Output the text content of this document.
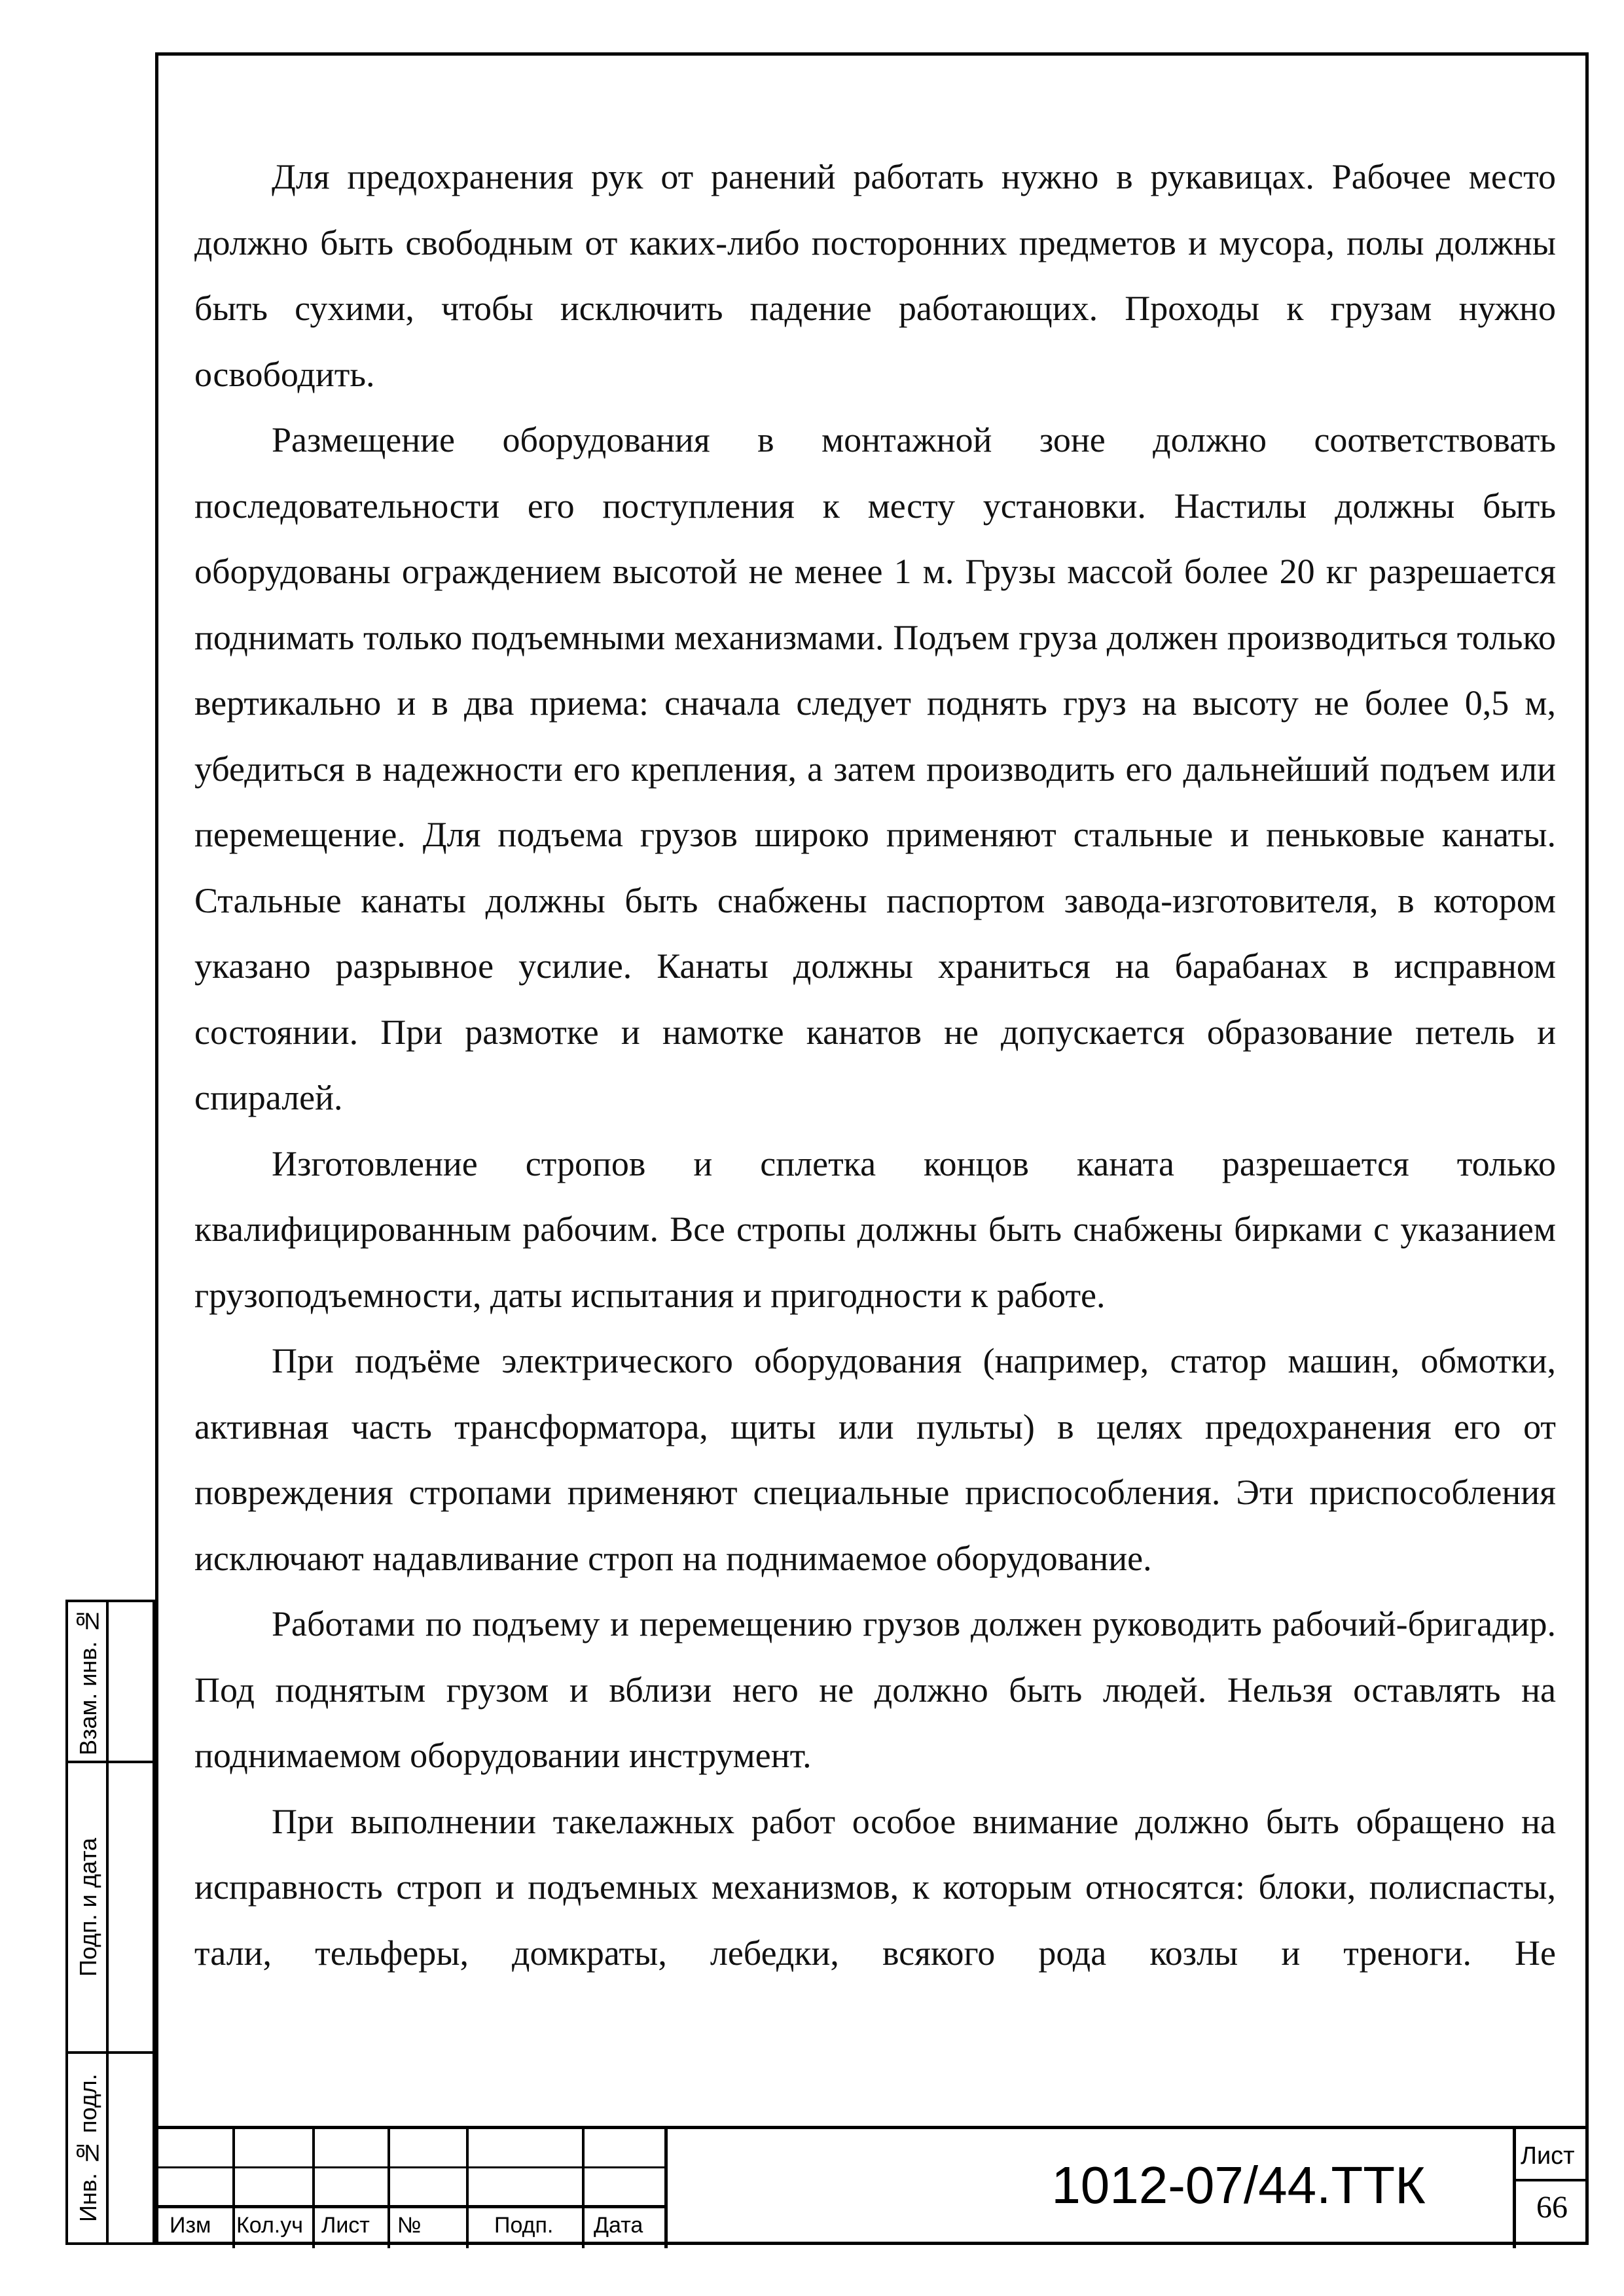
Для предохранения рук от ранений работать нужно в рукавицах. Рабочее место должно быть свободным от каких-либо посторонних предметов и мусора, полы должны быть сухими, чтобы исключить падение работающих. Проходы к грузам нужно освободить.

Размещение оборудования в монтажной зоне должно соответствовать последовательности его поступления к месту установки. Настилы должны быть оборудованы ограждением высотой не менее 1 м. Грузы массой более 20 кг разрешается поднимать только подъемными механизмами. Подъем груза должен производиться только вертикально и в два приема: сначала следует поднять груз на высоту не более 0,5 м, убедиться в надежности его крепления, а затем производить его дальнейший подъем или перемещение. Для подъема грузов широко применяют стальные и пеньковые канаты. Стальные канаты должны быть снабжены паспортом завода-изготовителя, в котором указано разрывное усилие. Канаты должны храниться на барабанах в исправном состоянии. При размотке и намотке канатов не допускается образование петель и спиралей.

Изготовление стропов и сплетка концов каната разрешается только квалифицированным рабочим. Все стропы должны быть снабжены бирками с указанием грузоподъемности, даты испытания и пригодности к работе.

При подъёме электрического оборудования (например, статор машин, обмотки, активная часть трансформатора, щиты или пульты) в целях предохранения его от повреждения стропами применяют специальные приспособления. Эти приспособления исключают надавливание строп на поднимаемое оборудование.

Работами по подъему и перемещению грузов должен руководить рабочий-бригадир. Под поднятым грузом и вблизи него не должно быть людей. Нельзя оставлять на поднимаемом оборудовании инструмент.

При выполнении такелажных работ особое внимание должно быть обращено на исправность строп и подъемных механизмов, к которым относятся: блоки, полиспасты, тали, тельферы, домкраты, лебедки, всякого рода козлы и треноги. Не

Взам. инв. №
Подп. и дата
Инв. № подл.
Изм Кол.уч Лист №	Подп. Дата
1012-07/44.ТТК	Лист
66
